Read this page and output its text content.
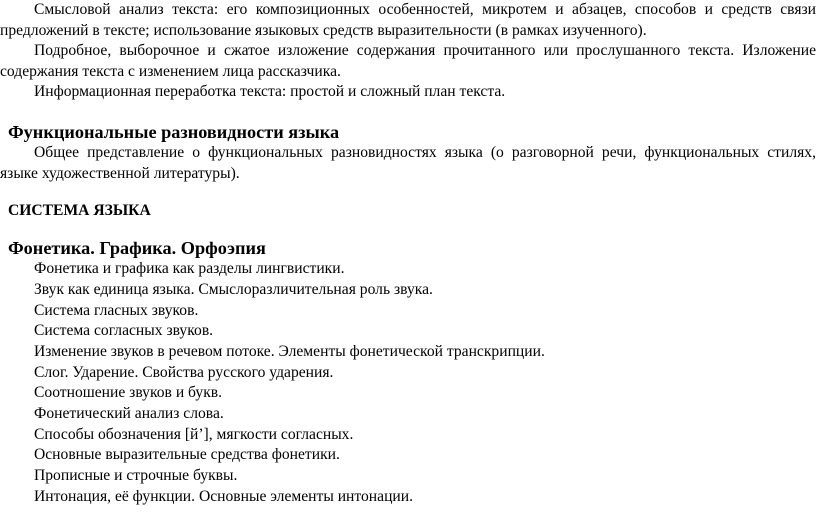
Смысловой анализ текста: его композиционных особенностей, микротем и абзацев, способов и средств связи предложений в тексте; использование языковых средств выразительности (в рамках изученного).

Подробное, выборочное и сжатое изложение содержания прочитанного или прослушанного текста. Изложение содержания текста с изменением лица рассказчика.

Информационная переработка текста: простой и сложный план текста.

Функциональные разновидности языка

Общее представление о функциональных разновидностях языка (о разговорной речи, функциональных стилях, языке художественной литературы).

СИСТЕМА ЯЗЫКА
Фонетика. Графика. Орфоэпия

Фонетика и графика как разделы лингвистики.

Звук как единица языка. Смыслоразличительная роль звука.

Система гласных звуков.

Система согласных звуков.

Изменение звуков в речевом потоке. Элементы фонетической транскрипции.

Слог. Ударение. Свойства русского ударения.

Соотношение звуков и букв.

Фонетический анализ слова.

Способы обозначения [й’], мягкости согласных.

Основные выразительные средства фонетики.

Прописные и строчные буквы.

Интонация, её функции. Основные элементы интонации.
